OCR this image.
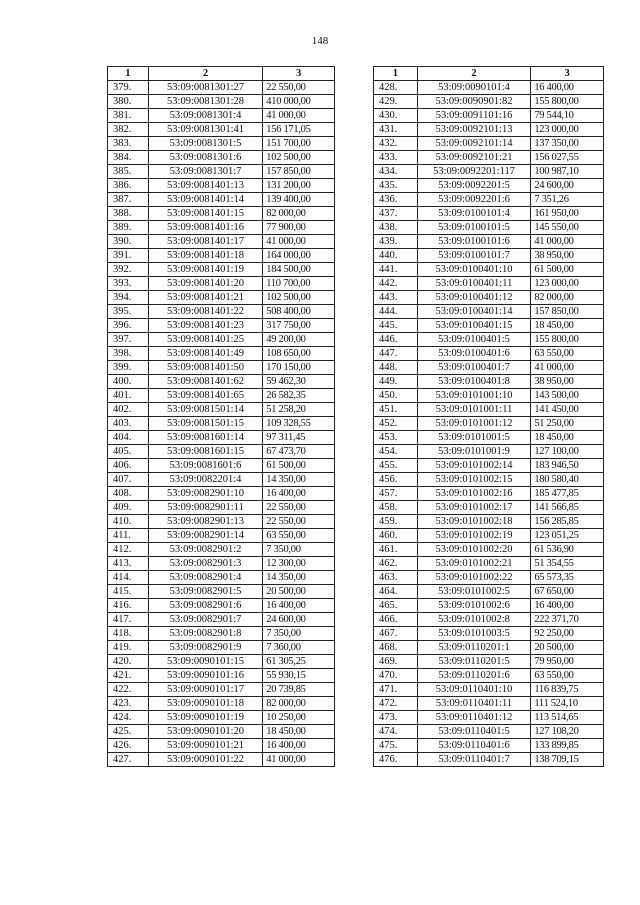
148
1	2	3
379.	53:09:0081301:27	22 550,00
380.	53:09:0081301:28	410 000,00
381.	53:09:0081301:4	41 000,00
382.	53:09:0081301:41	156 171,05
383.	53:09:0081301:5	151 700,00
384.	53:09:0081301:6	102 500,00
385.	53:09:0081301:7	157 850,00
386.	53:09:0081401:13	131 200,00
387.	53:09:0081401:14	139 400,00
388.	53:09:0081401:15	82 000,00
389.	53:09:0081401:16	77 900,00
390.	53:09:0081401:17	41 000,00
391.	53:09:0081401:18	164 000,00
392.	53:09:0081401:19	184 500,00
393.	53:09:0081401:20	110 700,00
394.	53:09:0081401:21	102 500,00
395.	53:09:0081401:22	508 400,00
396.	53:09:0081401:23	317 750,00
397.	53:09:0081401:25	49 200,00
398.	53:09:0081401:49	108 650,00
399.	53:09:0081401:50	170 150,00
400.	53:09:0081401:62	59 462,30
401.	53:09:0081401:65	26 582,35
402.	53:09:0081501:14	51 258,20
403.	53:09:0081501:15	109 328,55
404.	53:09:0081601:14	97 311,45
405.	53:09:0081601:15	67 473,70
406.	53:09:0081601:6	61 500,00
407.	53:09:0082201:4	14 350,00
408.	53:09:0082901:10	16 400,00
409.	53:09:0082901:11	22 550,00
410.	53:09:0082901:13	22 550,00
411.	53:09:0082901:14	63 550,00
412.	53:09:0082901:2	7 350,00
413.	53:09:0082901:3	12 300,00
414.	53:09:0082901:4	14 350,00
415.	53:09:0082901:5	20 500,00
416.	53:09:0082901:6	16 400,00
417.	53:09:0082901:7	24 600,00
418.	53:09:0082901:8	7 350,00
419.	53:09:0082901:9	7 360,00
420.	53:09:0090101:15	61 305,25
421.	53:09:0090101:16	55 930,15
422.	53:09:0090101:17	20 739,85
423.	53:09:0090101:18	82 000,00
424.	53:09:0090101:19	10 250,00
425.	53:09:0090101:20	18 450,00
426.	53:09:0090101:21	16 400,00
427.	53:09:0090101:22	41 000,00
1	2	3
428.	53:09:0090101:4	16 400,00
429.	53:09:0090901:82	155 800,00
430.	53:09:0091101:16	79 544,10
431.	53:09:0092101:13	123 000,00
432.	53:09:0092101:14	137 350,00
433.	53:09:0092101:21	156 027,55
434.	53:09:0092201:117	100 987,10
435.	53:09:0092201:5	24 600,00
436.	53:09:0092201:6	7 351,26
437.	53:09:0100101:4	161 950,00
438.	53:09:0100101:5	145 550,00
439.	53:09:0100101:6	41 000,00
440.	53:09:0100101:7	38 950,00
441.	53:09:0100401:10	61 500,00
442.	53:09:0100401:11	123 000,00
443.	53:09:0100401:12	82 000,00
444.	53:09:0100401:14	157 850,00
445.	53:09:0100401:15	18 450,00
446.	53:09:0100401:5	155 800,00
447.	53:09:0100401:6	63 550,00
448.	53:09:0100401:7	41 000,00
449.	53:09:0100401:8	38 950,00
450.	53:09:0101001:10	143 500,00
451.	53:09:0101001:11	141 450,00
452.	53:09:0101001:12	51 250,00
453.	53:09:0101001:5	18 450,00
454.	53:09:0101001:9	127 100,00
455.	53:09:0101002:14	183 946,50
456.	53:09:0101002:15	180 580,40
457.	53:09:0101002:16	185 477,85
458.	53:09:0101002:17	141 566,85
459.	53:09:0101002:18	156 285,85
460.	53:09:0101002:19	123 051,25
461.	53:09:0101002:20	61 536,90
462.	53:09:0101002:21	51 354,55
463.	53:09:0101002:22	65 573,35
464.	53:09:0101002:5	67 650,00
465.	53:09:0101002:6	16 400,00
466.	53:09:0101002:8	222 371,70
467.	53:09:0101003:5	92 250,00
468.	53:09:0110201:1	20 500,00
469.	53:09:0110201:5	79 950,00
470.	53:09:0110201:6	63 550,00
471.	53:09:0110401:10	116 839,75
472.	53:09:0110401:11	111 524,10
473.	53:09:0110401:12	113 514,65
474.	53:09:0110401:5	127 108,20
475.	53:09:0110401:6	133 899,85
476.	53:09:0110401:7	138 709,15
